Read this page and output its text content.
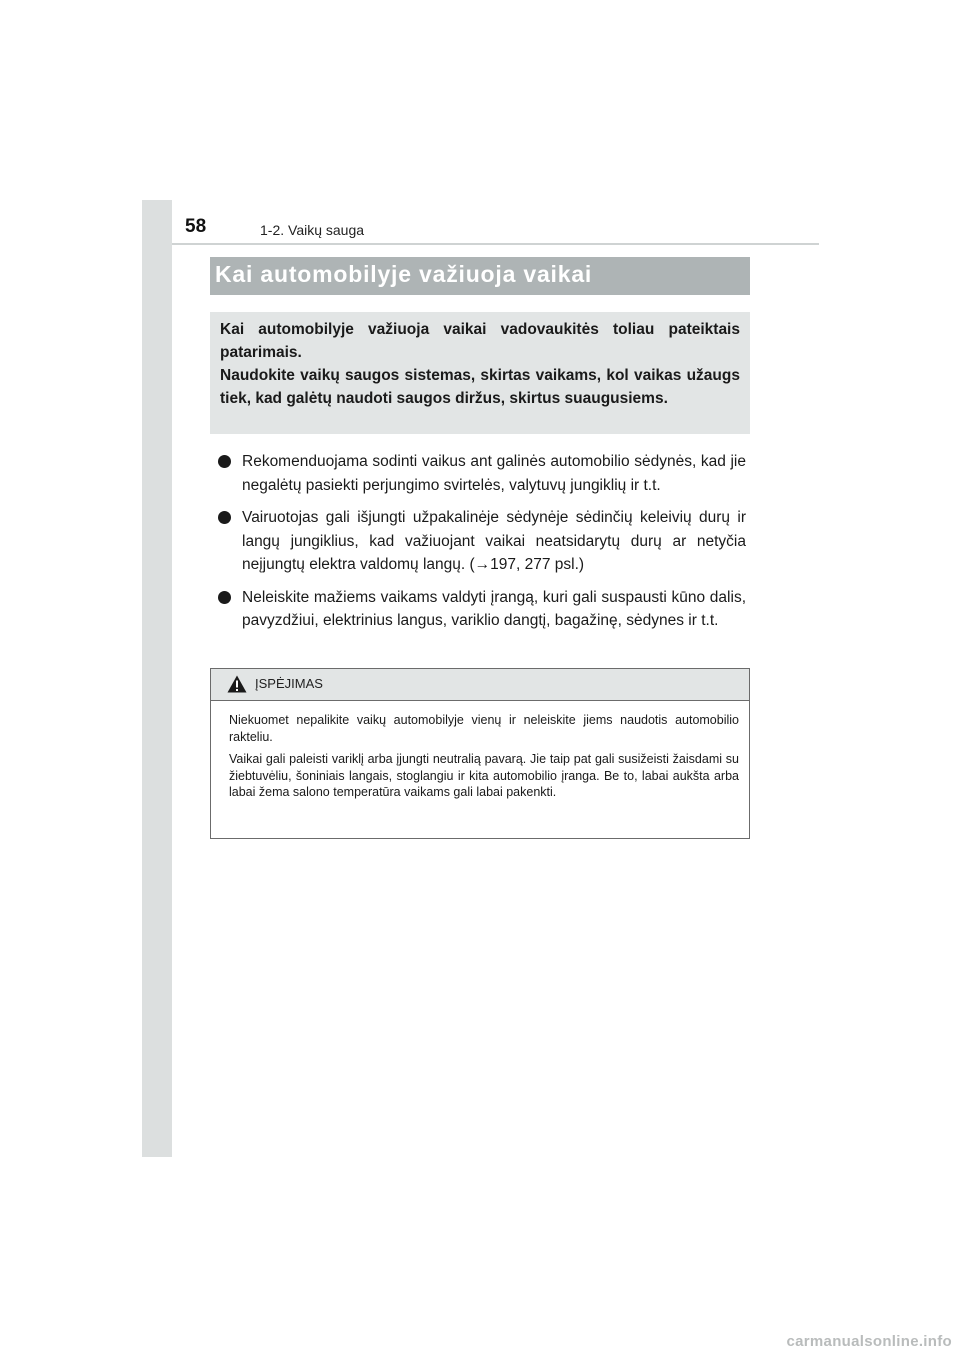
58	1-2. Vaikų sauga
Kai automobilyje važiuoja vaikai

Kai automobilyje važiuoja vaikai vadovaukitės toliau pateiktais patarimais.

Naudokite vaikų saugos sistemas, skirtas vaikams, kol vaikas užaugs tiek, kad galėtų naudoti saugos diržus, skirtus suaugusiems.

Rekomenduojama sodinti vaikus ant galinės automobilio sėdynės, kad jie negalėtų pasiekti perjungimo svirtelės, valytuvų jungiklių ir t.t.
Vairuotojas gali išjungti užpakalinėje sėdynėje sėdinčių keleivių durų ir langų jungiklius, kad važiuojant vaikai neatsidarytų durų ar netyčia neįjungtų elektra valdomų langų. (→197, 277 psl.)
Neleiskite mažiems vaikams valdyti įrangą, kuri gali suspausti kūno dalis, pavyzdžiui, elektrinius langus, variklio dangtį, bagažinę, sėdynes ir t.t.
ĮSPĖJIMAS

Niekuomet nepalikite vaikų automobilyje vienų ir neleiskite jiems naudotis automobilio rakteliu.

Vaikai gali paleisti variklį arba įjungti neutralią pavarą. Jie taip pat gali susižeisti žaisdami su žiebtuvėliu, šoniniais langais, stoglangiu ir kita automobilio įranga. Be to, labai aukšta arba labai žema salono temperatūra vaikams gali labai pakenkti.

carmanualsonline.info
